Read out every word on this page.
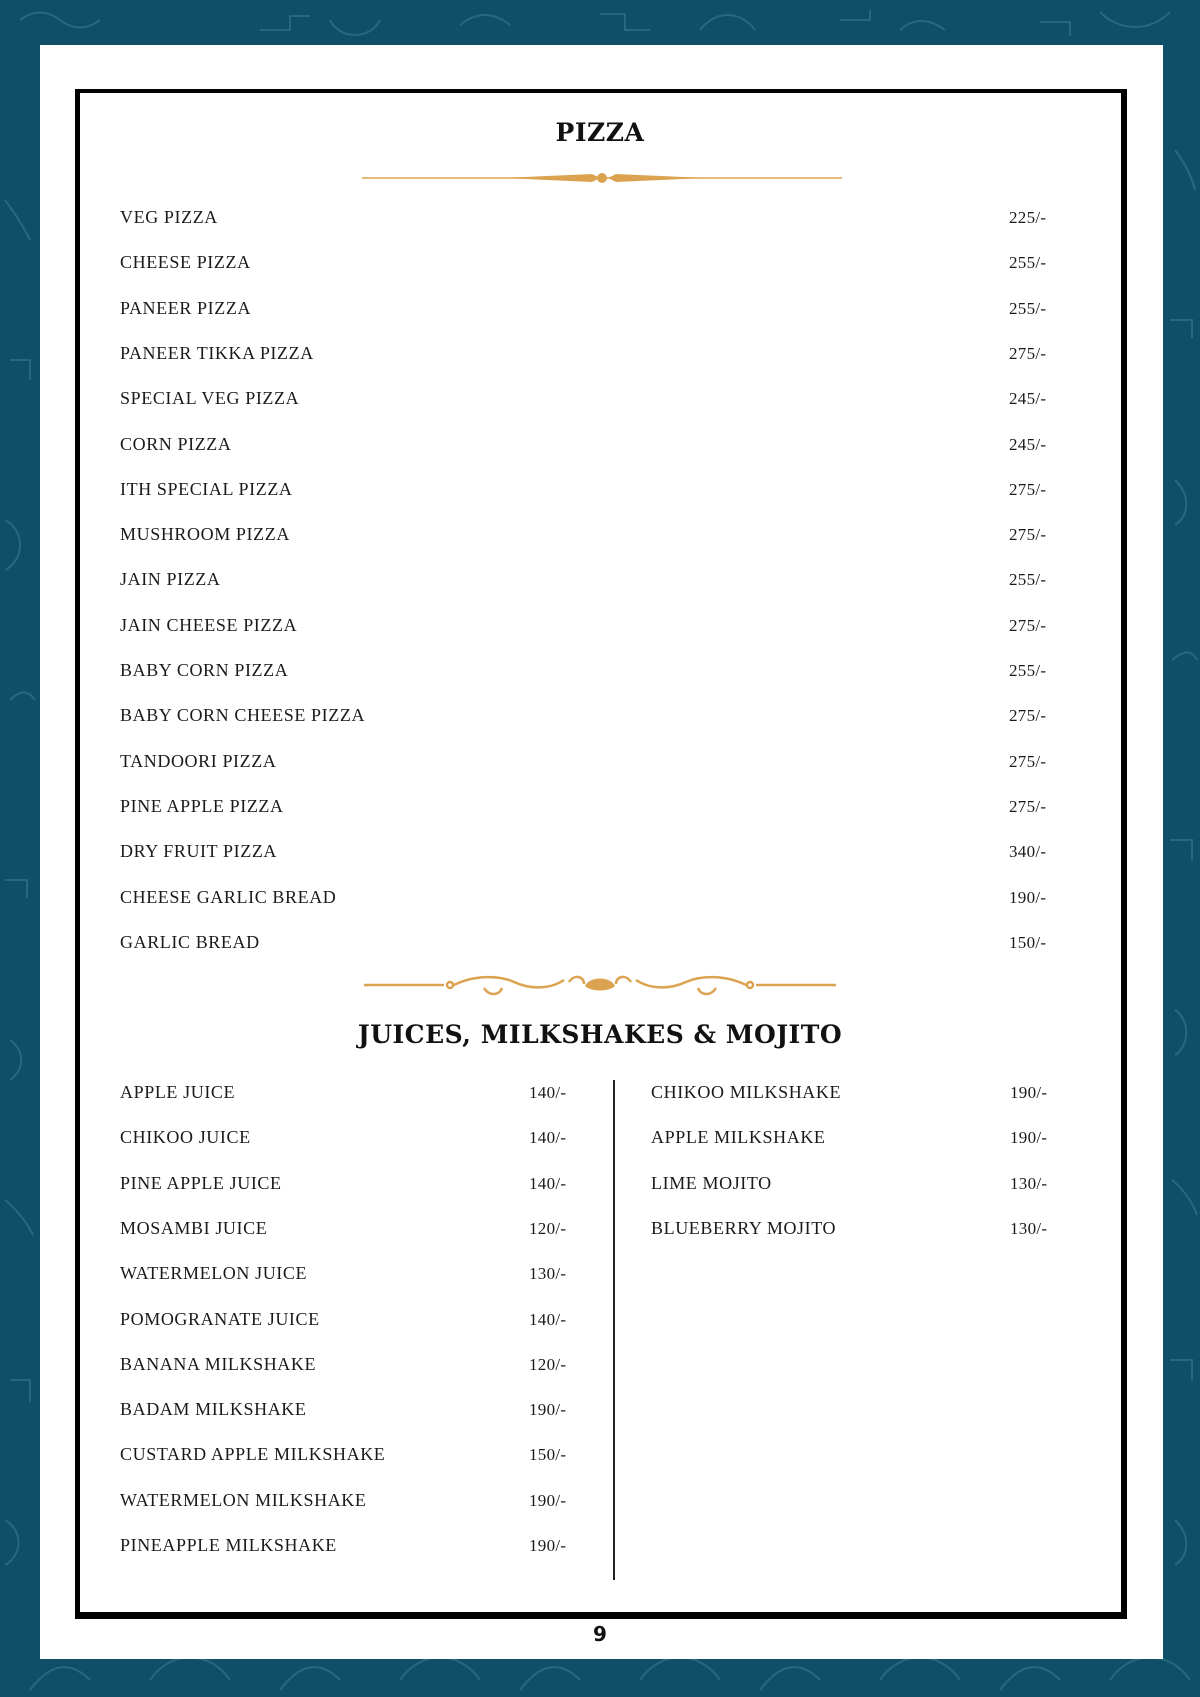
PIZZA
VEG PIZZA	225/-
CHEESE PIZZA	255/-
PANEER PIZZA	255/-
PANEER TIKKA PIZZA	275/-
SPECIAL VEG PIZZA	245/-
CORN PIZZA	245/-
ITH SPECIAL PIZZA	275/-
MUSHROOM PIZZA	275/-
JAIN PIZZA	255/-
JAIN CHEESE PIZZA	275/-
BABY CORN PIZZA	255/-
BABY CORN CHEESE PIZZA	275/-
TANDOORI PIZZA	275/-
PINE APPLE PIZZA	275/-
DRY FRUIT PIZZA	340/-
CHEESE GARLIC BREAD	190/-
GARLIC BREAD	150/-
JUICES, MILKSHAKES & MOJITO
APPLE JUICE	140/-
CHIKOO JUICE	140/-
PINE APPLE JUICE	140/-
MOSAMBI JUICE	120/-
WATERMELON JUICE	130/-
POMOGRANATE JUICE	140/-
BANANA MILKSHAKE	120/-
BADAM MILKSHAKE	190/-
CUSTARD APPLE MILKSHAKE	150/-
WATERMELON MILKSHAKE	190/-
PINEAPPLE MILKSHAKE	190/-
CHIKOO MILKSHAKE	190/-
APPLE MILKSHAKE	190/-
LIME MOJITO	130/-
BLUEBERRY MOJITO	130/-
9
